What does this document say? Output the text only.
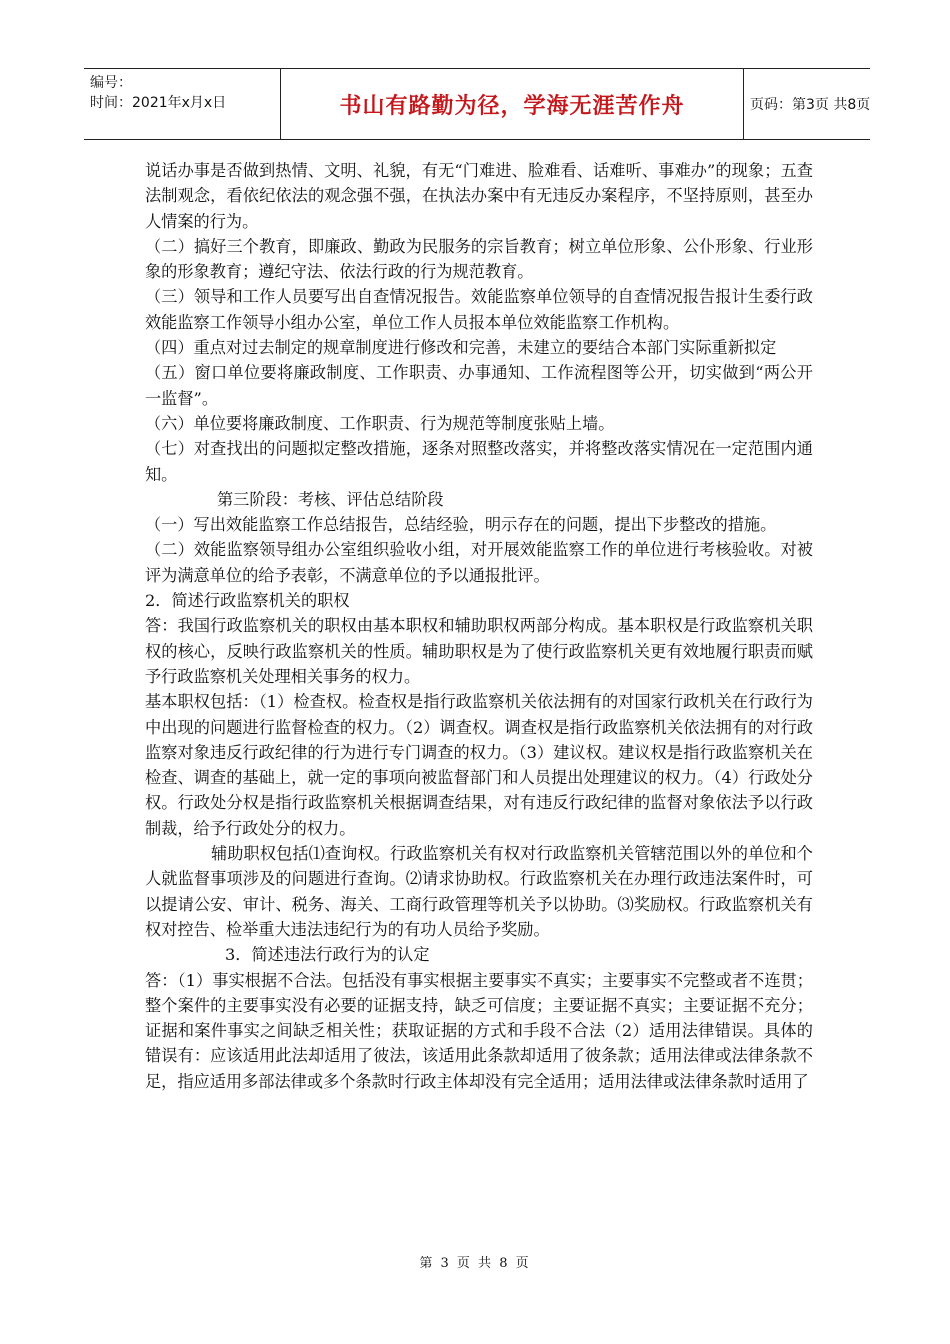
编号：
时间：2021年x月x日	书山有路勤为径，学海无涯苦作舟	页码：第3页 共8页

说话办事是否做到热情、文明、礼貌，有无“门难进、脸难看、话难听、事难办”的现象；五查法制观念，看依纪依法的观念强不强，在执法办案中有无违反办案程序，不坚持原则，甚至办人情案的行为。

（二）搞好三个教育，即廉政、勤政为民服务的宗旨教育；树立单位形象、公仆形象、行业形象的形象教育；遵纪守法、依法行政的行为规范教育。

（三）领导和工作人员要写出自查情况报告。效能监察单位领导的自查情况报告报计生委行政效能监察工作领导小组办公室，单位工作人员报本单位效能监察工作机构。

（四）重点对过去制定的规章制度进行修改和完善，未建立的要结合本部门实际重新拟定

（五）窗口单位要将廉政制度、工作职责、办事通知、工作流程图等公开，切实做到“两公开一监督”。

（六）单位要将廉政制度、工作职责、行为规范等制度张贴上墙。

（七）对查找出的问题拟定整改措施，逐条对照整改落实，并将整改落实情况在一定范围内通知。

第三阶段：考核、评估总结阶段

（一）写出效能监察工作总结报告，总结经验，明示存在的问题，提出下步整改的措施。

（二）效能监察领导组办公室组织验收小组，对开展效能监察工作的单位进行考核验收。对被评为满意单位的给予表彰，不满意单位的予以通报批评。

2．简述行政监察机关的职权

答：我国行政监察机关的职权由基本职权和辅助职权两部分构成。基本职权是行政监察机关职权的核心，反映行政监察机关的性质。辅助职权是为了使行政监察机关更有效地履行职责而赋予行政监察机关处理相关事务的权力。

基本职权包括：（1）检查权。检查权是指行政监察机关依法拥有的对国家行政机关在行政行为中出现的问题进行监督检查的权力。（2）调查权。调查权是指行政监察机关依法拥有的对行政监察对象违反行政纪律的行为进行专门调查的权力。（3）建议权。建议权是指行政监察机关在检查、调查的基础上，就一定的事项向被监督部门和人员提出处理建议的权力。（4）行政处分权。行政处分权是指行政监察机关根据调查结果，对有违反行政纪律的监督对象依法予以行政制裁，给予行政处分的权力。

辅助职权包括⑴查询权。行政监察机关有权对行政监察机关管辖范围以外的单位和个人就监督事项涉及的问题进行查询。⑵请求协助权。行政监察机关在办理行政违法案件时，可以提请公安、审计、税务、海关、工商行政管理等机关予以协助。⑶奖励权。行政监察机关有权对控告、检举重大违法违纪行为的有功人员给予奖励。

3．简述违法行政行为的认定

答：（1）事实根据不合法。包括没有事实根据主要事实不真实；主要事实不完整或者不连贯；整个案件的主要事实没有必要的证据支持，缺乏可信度；主要证据不真实；主要证据不充分；证据和案件事实之间缺乏相关性；获取证据的方式和手段不合法（2）适用法律错误。具体的错误有：应该适用此法却适用了彼法，该适用此条款却适用了彼条款；适用法律或法律条款不足，指应适用多部法律或多个条款时行政主体却没有完全适用；适用法律或法律条款时适用了

第 3 页 共 8 页
